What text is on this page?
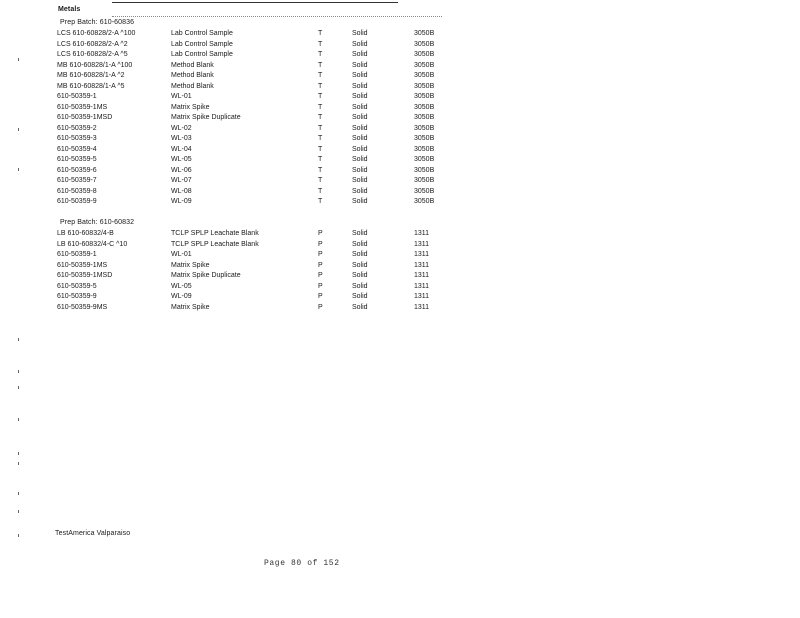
Metals
Prep Batch: 610-60836
LCS 610-60828/2-A ^100	Lab Control Sample	T	Solid	3050B
LCS 610-60828/2-A ^2	Lab Control Sample	T	Solid	3050B
LCS 610-60828/2-A ^5	Lab Control Sample	T	Solid	3050B
MB 610-60828/1-A ^100	Method Blank	T	Solid	3050B
MB 610-60828/1-A ^2	Method Blank	T	Solid	3050B
MB 610-60828/1-A ^5	Method Blank	T	Solid	3050B
610-50359-1	WL-01	T	Solid	3050B
610-50359-1MS	Matrix Spike	T	Solid	3050B
610-50359-1MSD	Matrix Spike Duplicate	T	Solid	3050B
610-50359-2	WL-02	T	Solid	3050B
610-50359-3	WL-03	T	Solid	3050B
610-50359-4	WL-04	T	Solid	3050B
610-50359-5	WL-05	T	Solid	3050B
610-50359-6	WL-06	T	Solid	3050B
610-50359-7	WL-07	T	Solid	3050B
610-50359-8	WL-08	T	Solid	3050B
610-50359-9	WL-09	T	Solid	3050B
Prep Batch: 610-60832
LB 610-60832/4-B	TCLP SPLP Leachate Blank	P	Solid	1311
LB 610-60832/4-C ^10	TCLP SPLP Leachate Blank	P	Solid	1311
610-50359-1	WL-01	P	Solid	1311
610-50359-1MS	Matrix Spike	P	Solid	1311
610-50359-1MSD	Matrix Spike Duplicate	P	Solid	1311
610-50359-5	WL-05	P	Solid	1311
610-50359-9	WL-09	P	Solid	1311
610-50359-9MS	Matrix Spike	P	Solid	1311
TestAmerica Valparaiso
Page 80 of 152
